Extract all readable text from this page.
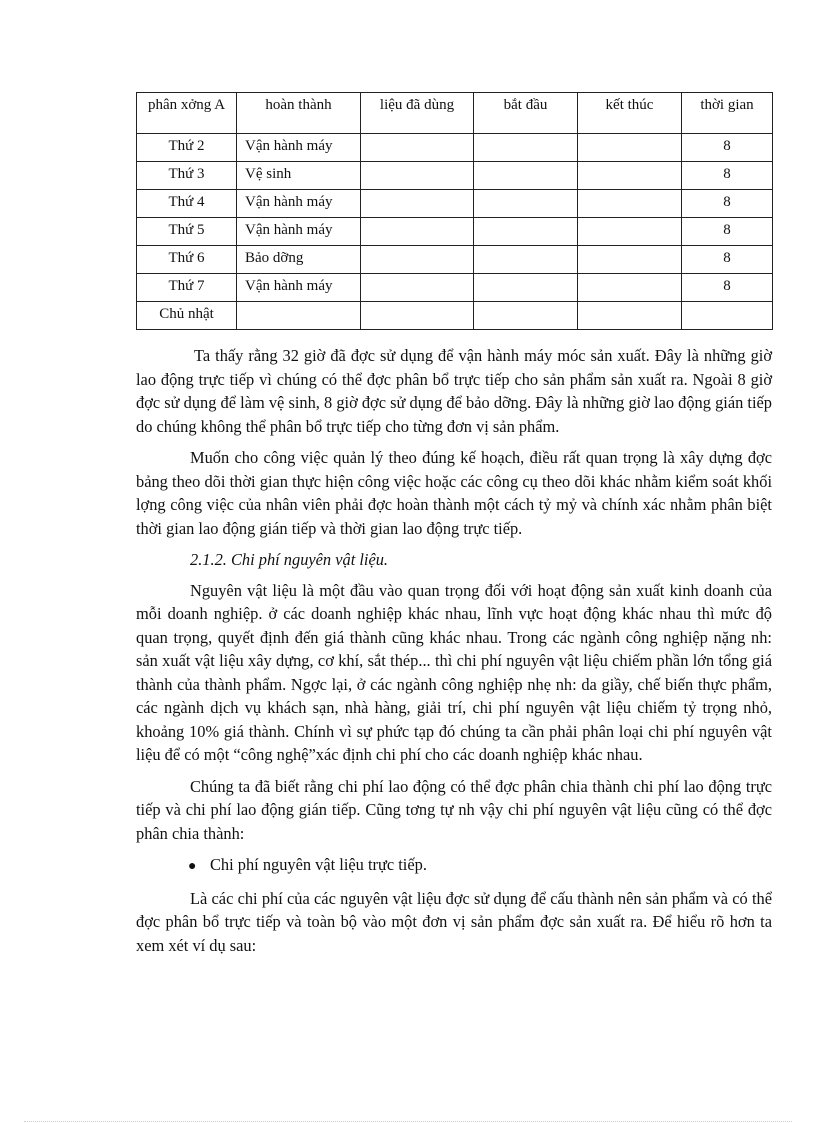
phân xởng A	hoàn thành	liệu đã dùng	bắt đầu	kết thúc	thời gian
Thứ 2	Vận hành máy				8
Thứ 3	Vệ sinh				8
Thứ 4	Vận hành máy				8
Thứ 5	Vận hành máy				8
Thứ 6	Bảo dỡng				8
Thứ 7	Vận hành máy				8
Chủ nhật					

Ta thấy rằng 32 giờ đã đợc sử dụng để vận hành máy móc sản xuất. Đây là những giờ lao động trực tiếp vì chúng có thể đợc phân bổ trực tiếp cho sản phẩm sản xuất ra. Ngoài 8 giờ đợc sử dụng để làm vệ sinh, 8 giờ đợc sử dụng để bảo dỡng. Đây là những giờ lao động gián tiếp do chúng không thể phân bổ trực tiếp cho từng đơn vị sản phẩm.

Muốn cho công việc quản lý theo đúng kế hoạch, điều rất quan trọng là xây dựng đợc bảng theo dõi thời gian thực hiện công việc hoặc các công cụ theo dõi khác nhằm kiểm soát khối lợng công việc của nhân viên phải đợc hoàn thành một cách tỷ mỷ và chính xác nhằm phân biệt thời gian lao động gián tiếp và thời gian lao động trực tiếp.

2.1.2. Chi phí nguyên vật liệu.

Nguyên vật liệu là một đầu vào quan trọng đối với hoạt động sản xuất kinh doanh của mỗi doanh nghiệp. ở các doanh nghiệp khác nhau, lĩnh vực hoạt động khác nhau thì mức độ quan trọng, quyết định đến giá thành cũng khác nhau. Trong các ngành công nghiệp nặng nh: sản xuất vật liệu xây dựng, cơ khí, sắt thép... thì chi phí nguyên vật liệu chiếm phần lớn tổng giá thành của thành phẩm. Ngợc lại, ở các ngành công nghiệp nhẹ nh: da giầy, chế biến thực phẩm, các ngành dịch vụ khách sạn, nhà hàng, giải trí, chi phí nguyên vật liệu chiếm tỷ trọng nhỏ, khoảng 10% giá thành. Chính vì sự phức tạp đó chúng ta cần phải phân loại chi phí nguyên vật liệu để có một “công nghệ”xác định chi phí cho các doanh nghiệp khác nhau.

Chúng ta đã biết rằng chi phí lao động có thể đợc phân chia thành chi phí lao động trực tiếp và chi phí lao động gián tiếp. Cũng tơng tự nh vậy chi phí nguyên vật liệu cũng có thể đợc phân chia thành:

● Chi phí nguyên vật liệu trực tiếp.

Là các chi phí của các nguyên vật liệu đợc sử dụng để cấu thành nên sản phẩm và có thể đợc phân bổ trực tiếp và toàn bộ vào một đơn vị sản phẩm đợc sản xuất ra. Để hiểu rõ hơn ta xem xét ví dụ sau:
